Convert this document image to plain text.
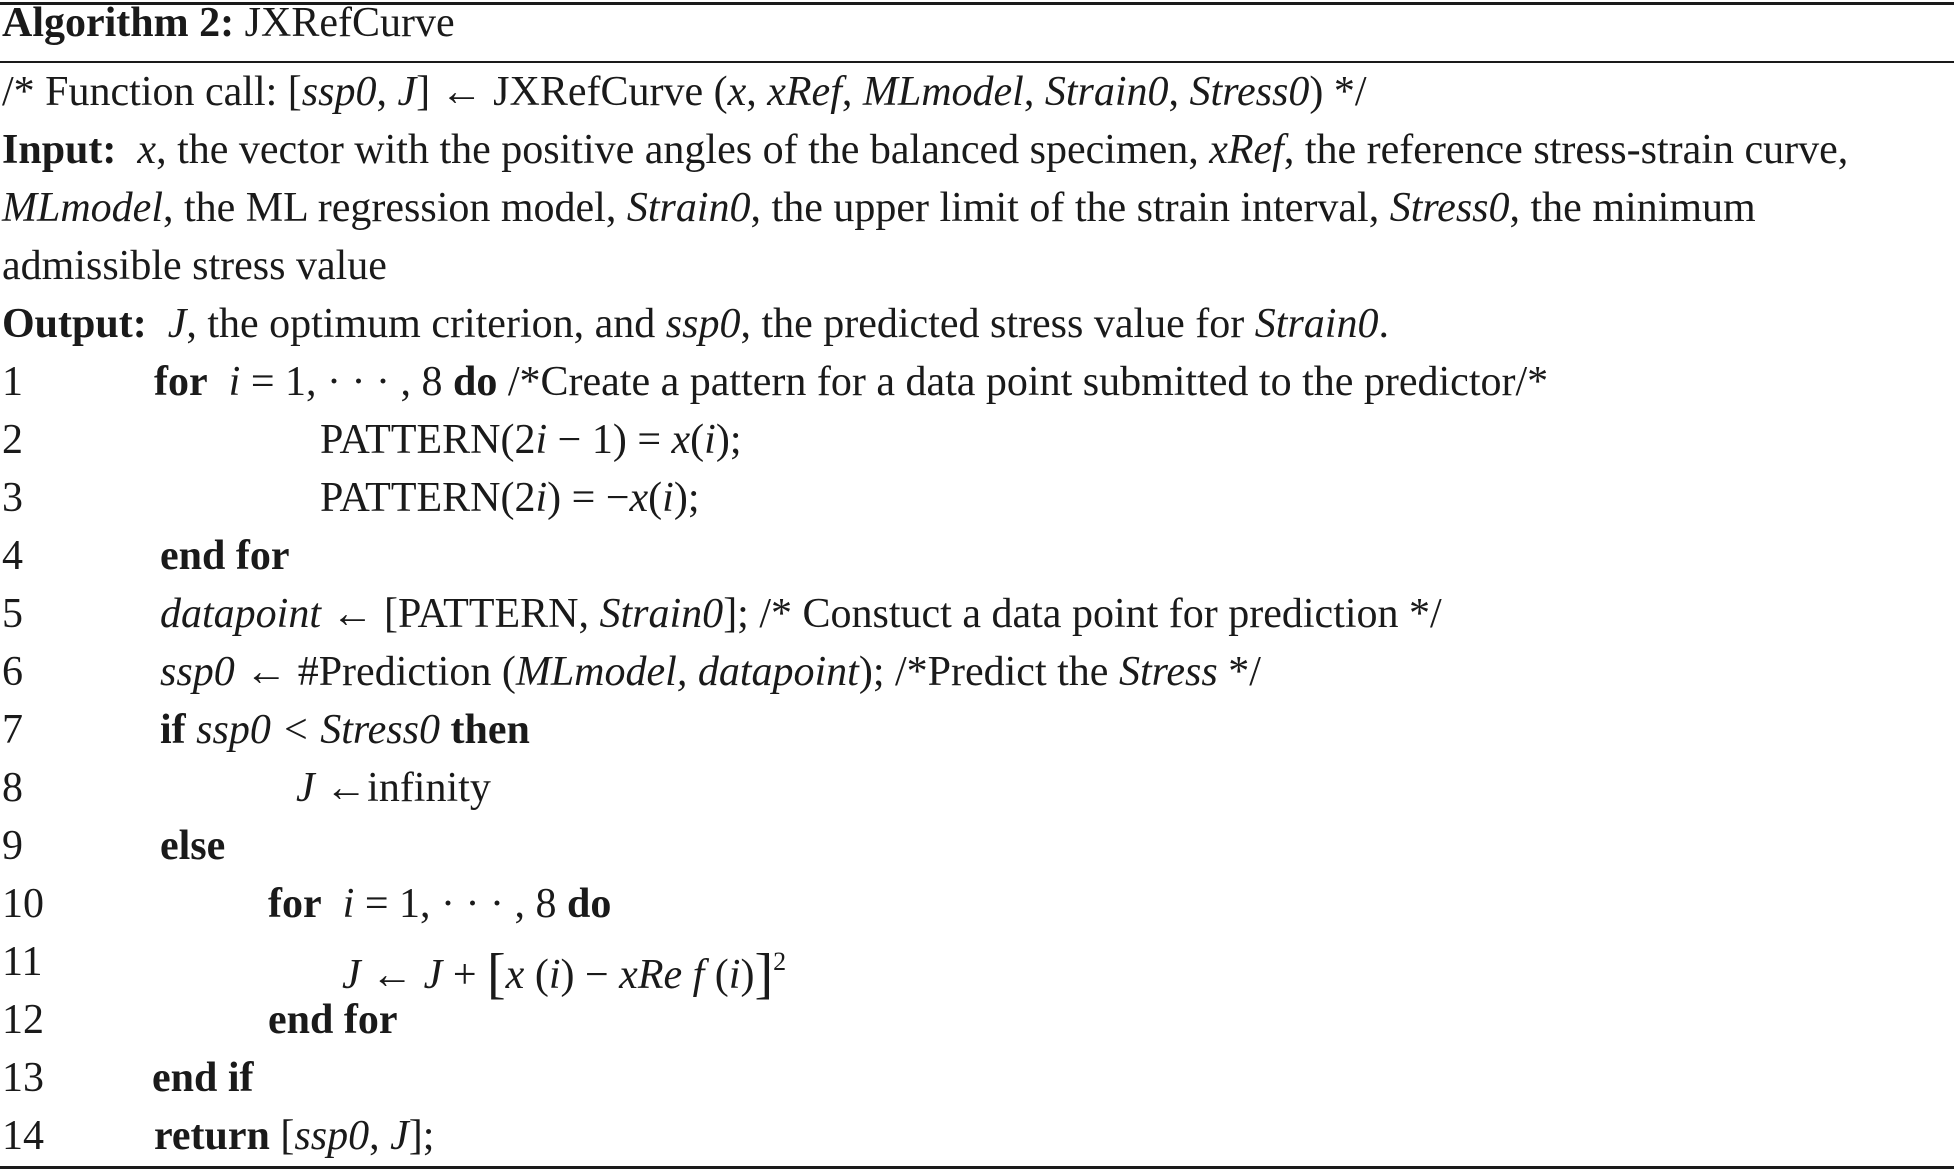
Algorithm 2: JXRefCurve
/* Function call: [ssp0, J] ← JXRefCurve (x, xRef, MLmodel, Strain0, Stress0) */
Input: x, the vector with the positive angles of the balanced specimen, xRef, the reference stress-strain curve,
MLmodel, the ML regression model, Strain0, the upper limit of the strain interval, Stress0, the minimum
admissible stress value
Output: J, the optimum criterion, and ssp0, the predicted stress value for Strain0.
1	for i = 1, · · · , 8 do /*Create a pattern for a data point submitted to the predictor/*
2	PATTERN(2i − 1) = x(i);
3	PATTERN(2i) = −x(i);
4	end for
5	datapoint ← [PATTERN, Strain0]; /* Constuct a data point for prediction */
6	ssp0 ← #Prediction (MLmodel, datapoint); /*Predict the Stress */
7	if ssp0 < Stress0 then
8	J ←infinity
9	else
10	for i = 1, · · · , 8 do
11	J ← J + [x (i) − xRe f (i)]$^2$
12	end for
13	end if
14	return [ssp0, J];
